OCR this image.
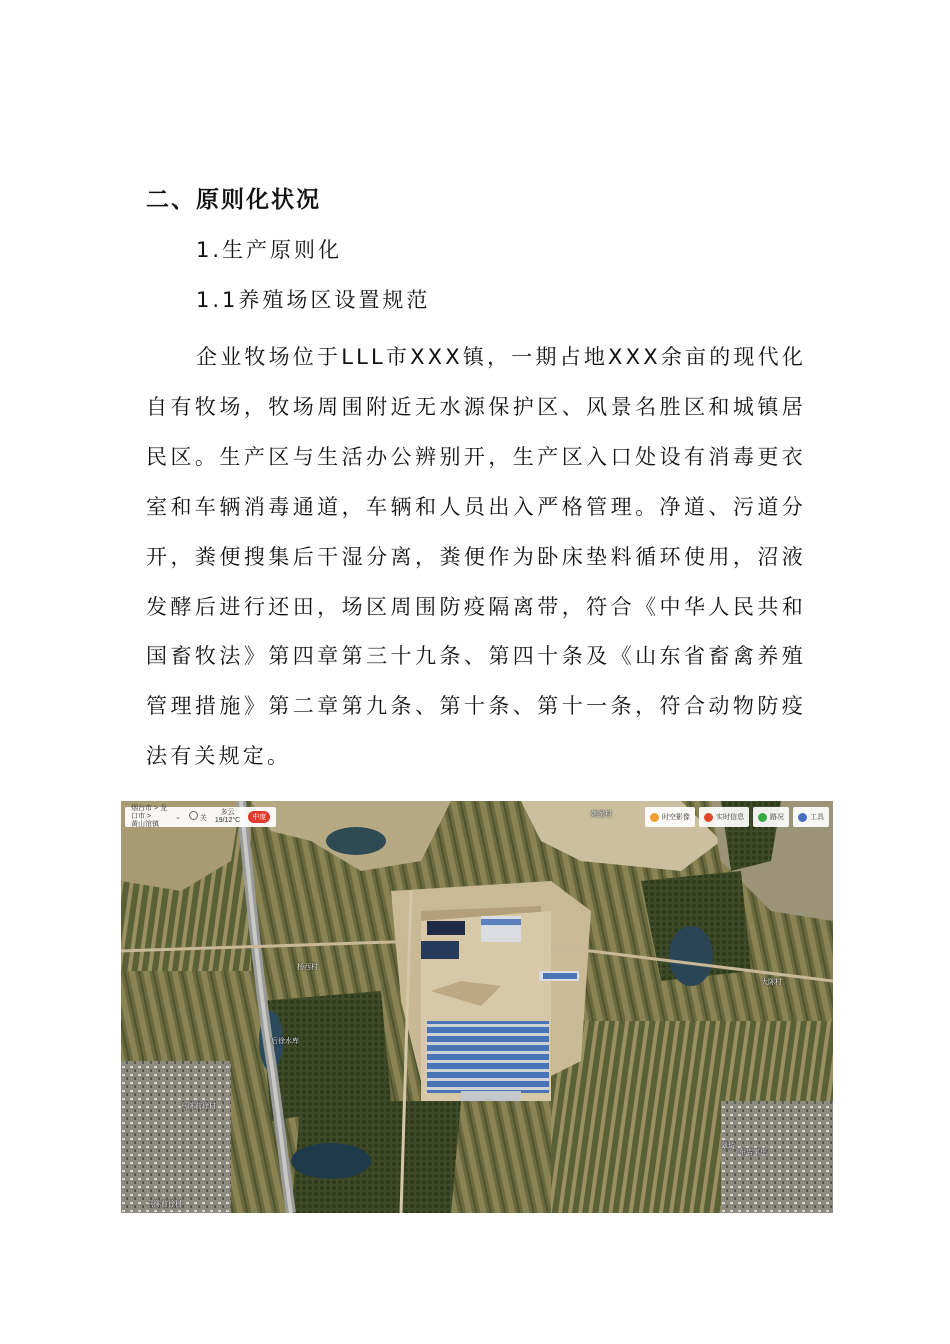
二、原则化状况
1.生产原则化
1.1养殖场区设置规范

企业牧场位于LLL市XXX镇，一期占地XXX余亩的现代化自有牧场，牧场周围附近无水源保护区、风景名胜区和城镇居民区。生产区与生活办公辨别开，生产区入口处设有消毒更衣室和车辆消毒通道，车辆和人员出入严格管理。净道、污道分开，粪便搜集后干湿分离，粪便作为卧床垫料循环使用，沼液发酵后进行还田，场区周围防疫隔离带，符合《中华人民共和国畜牧法》第四章第三十九条、第四十条及《山东省畜禽养殖管理措施》第二章第九条、第十条、第十一条，符合动物防疫法有关规定。

烟台市 > 龙口市 >
黄山馆镇
⌄	关
多云
19/12°C	中度	时空影像	实时信息	路况	工具
姚家村
杨西村
后徐水库
大陈村
马陈前徐村
翠坊
东店家庄
马陈前徐村
